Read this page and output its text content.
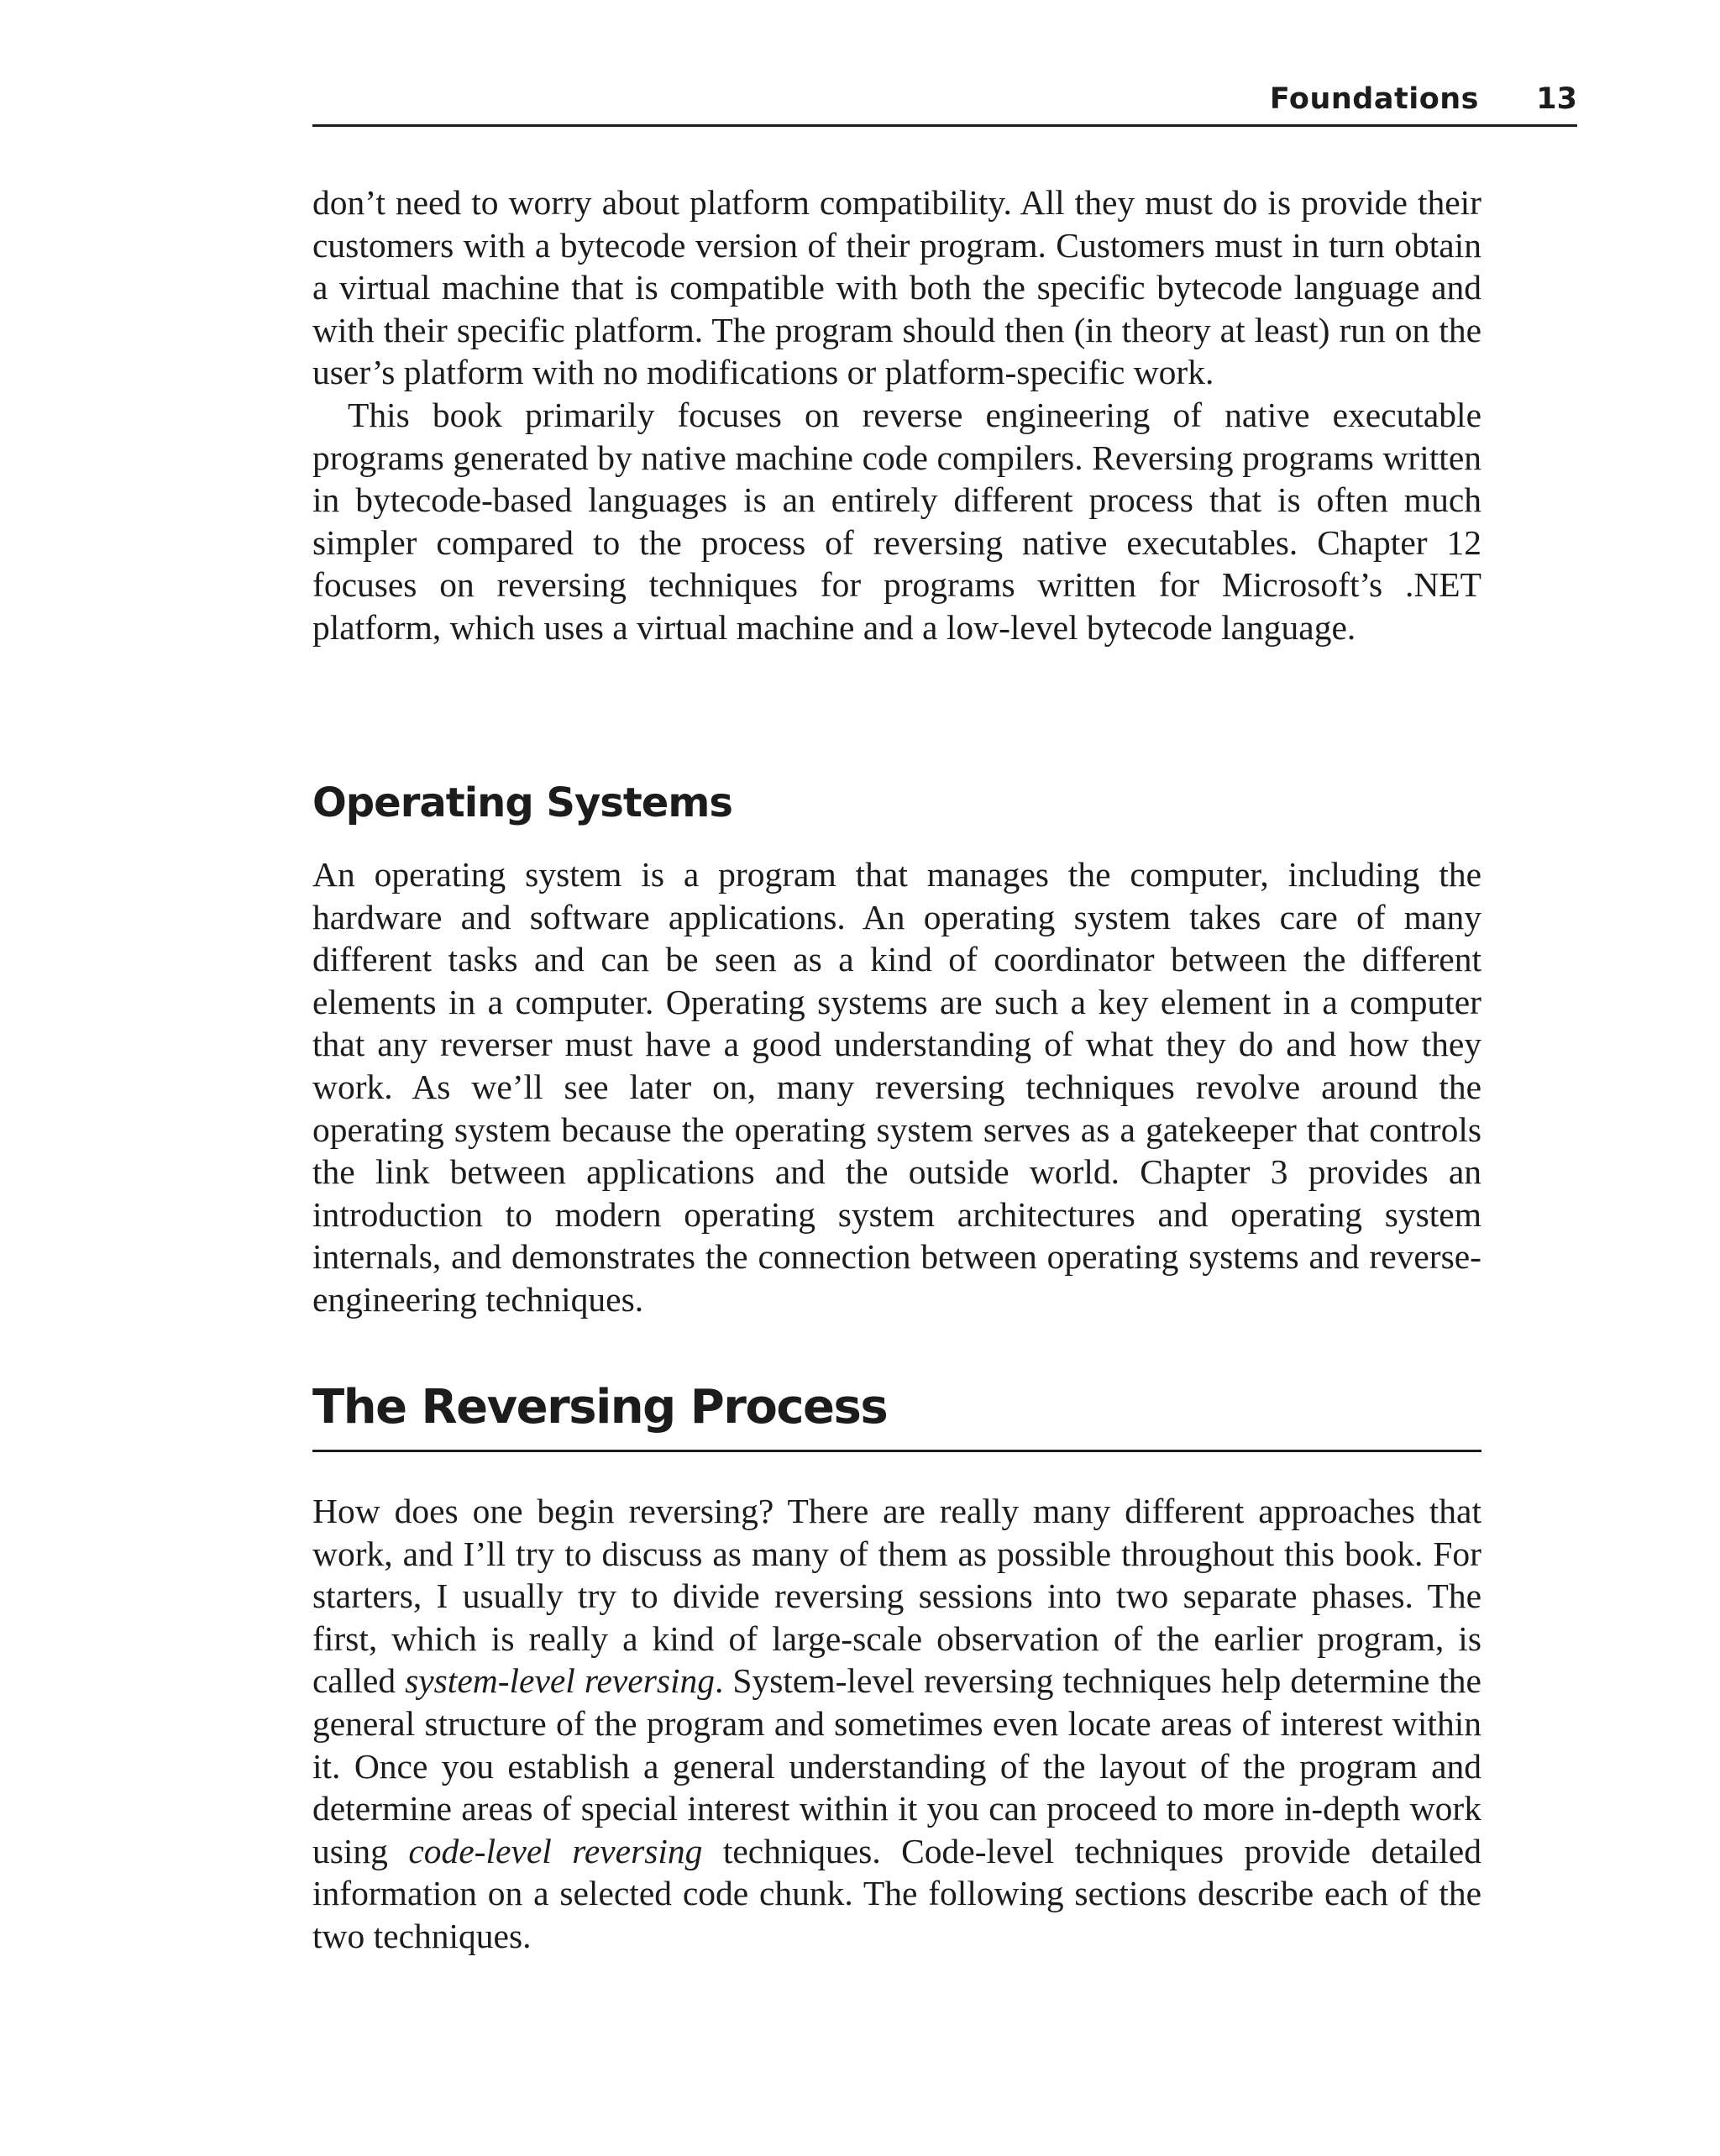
Foundations 13

don’t need to worry about platform compatibility. All they must do is provide their customers with a bytecode version of their program. Customers must in turn obtain a virtual machine that is compatible with both the specific bytecode language and with their specific platform. The program should then (in theory at least) run on the user’s platform with no modifications or platform-specific work.

This book primarily focuses on reverse engineering of native executable programs generated by native machine code compilers. Reversing programs written in bytecode-based languages is an entirely different process that is often much simpler compared to the process of reversing native executables. Chapter 12 focuses on reversing techniques for programs written for Microsoft’s .NET platform, which uses a virtual machine and a low-level bytecode language.

Operating Systems

An operating system is a program that manages the computer, including the hardware and software applications. An operating system takes care of many different tasks and can be seen as a kind of coordinator between the different elements in a computer. Operating systems are such a key element in a computer that any reverser must have a good understanding of what they do and how they work. As we’ll see later on, many reversing techniques revolve around the operating system because the operating system serves as a gatekeeper that controls the link between applications and the outside world. Chapter 3 provides an introduction to modern operating system architectures and operating system internals, and demonstrates the connection between operating systems and reverse-engineering techniques.

The Reversing Process

How does one begin reversing? There are really many different approaches that work, and I’ll try to discuss as many of them as possible throughout this book. For starters, I usually try to divide reversing sessions into two separate phases. The first, which is really a kind of large-scale observation of the earlier program, is called system-level reversing. System-level reversing techniques help determine the general structure of the program and sometimes even locate areas of interest within it. Once you establish a general understanding of the layout of the program and determine areas of special interest within it you can proceed to more in-depth work using code-level reversing techniques. Code-level techniques provide detailed information on a selected code chunk. The following sections describe each of the two techniques.
